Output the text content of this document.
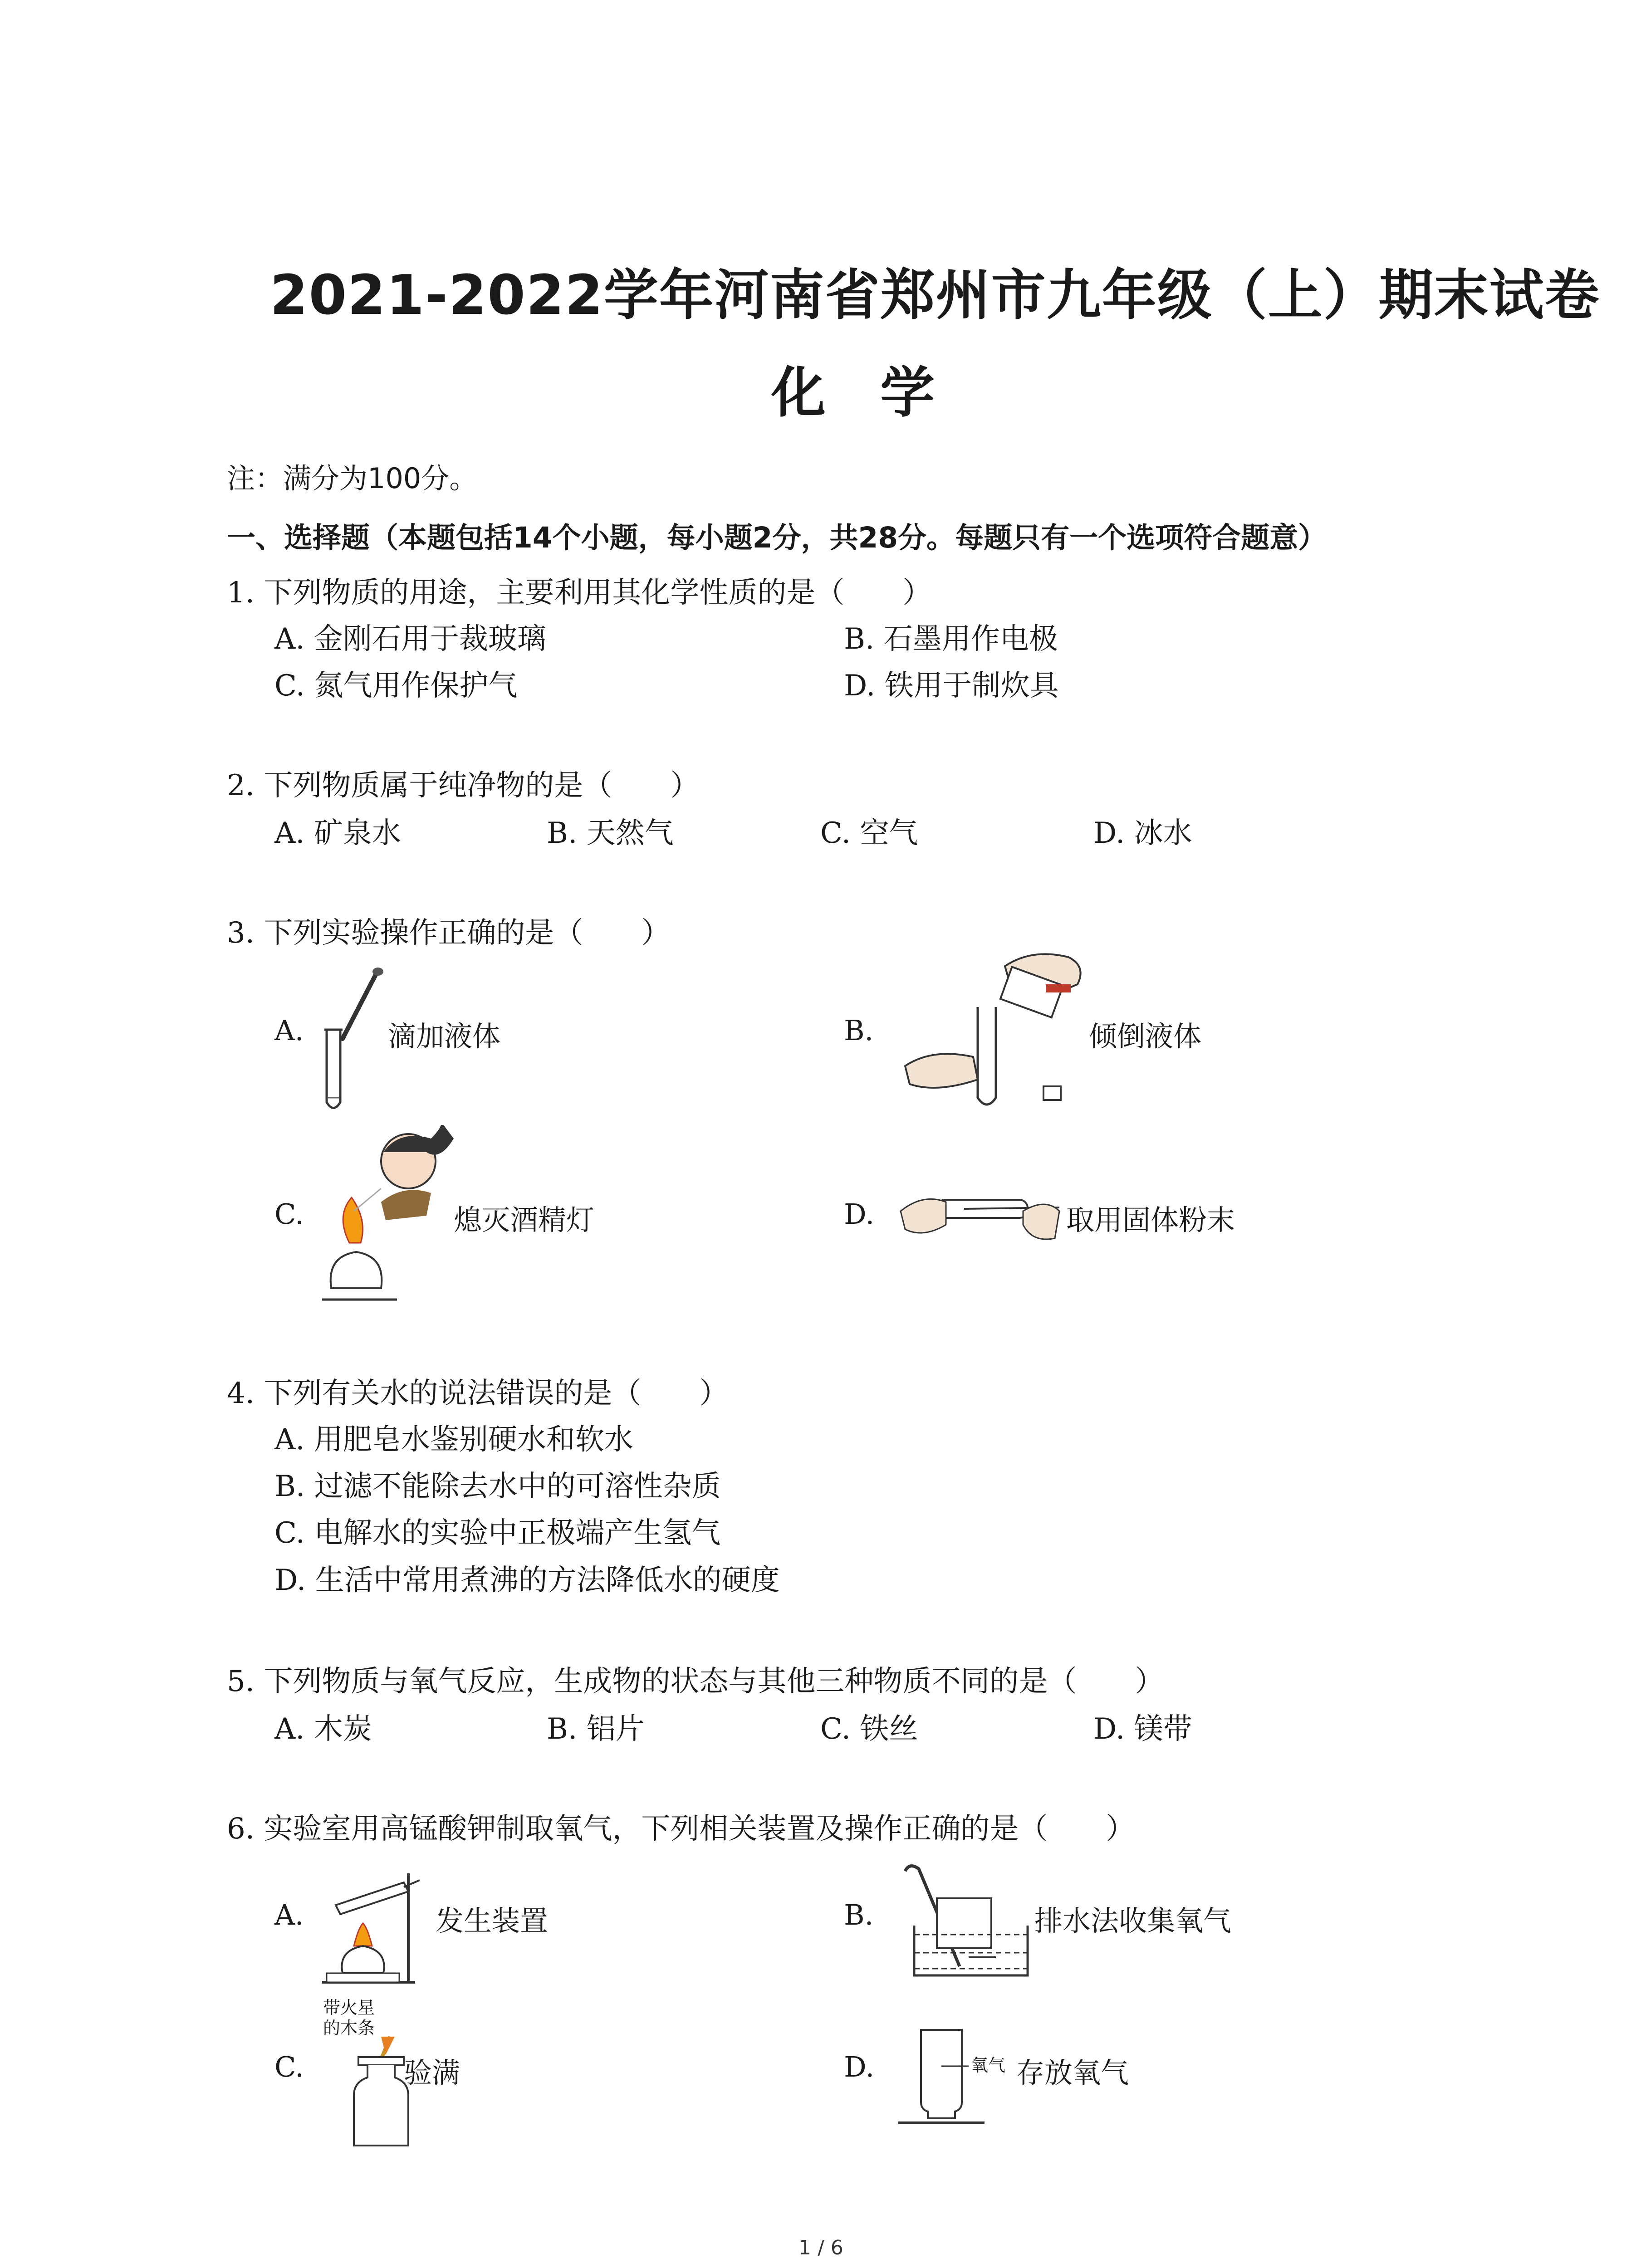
2021-2022学年河南省郑州市九年级（上）期末试卷
化　学
注：满分为100分。
一、选择题（本题包括14个小题，每小题2分，共28分。每题只有一个选项符合题意）
1. 下列物质的用途，主要利用其化学性质的是（　　）
A. 金刚石用于裁玻璃	B. 石墨用作电极
C. 氮气用作保护气	D. 铁用于制炊具
2. 下列物质属于纯净物的是（　　）
A. 矿泉水	B. 天然气	C. 空气	D. 冰水
3. 下列实验操作正确的是（　　）
A.	滴加液体	B.	倾倒液体
C.	熄灭酒精灯	D.	取用固体粉末
4. 下列有关水的说法错误的是（　　）
A. 用肥皂水鉴别硬水和软水
B. 过滤不能除去水中的可溶性杂质
C. 电解水的实验中正极端产生氢气
D. 生活中常用煮沸的方法降低水的硬度
5. 下列物质与氧气反应，生成物的状态与其他三种物质不同的是（　　）
A. 木炭	B. 铝片	C. 铁丝	D. 镁带
6. 实验室用高锰酸钾制取氧气，下列相关装置及操作正确的是（　　）
A.	发生装置	B.	排水法收集氧气
C.
带火星
的木条
验满	D.	氧气 存放氧气
1 / 6
